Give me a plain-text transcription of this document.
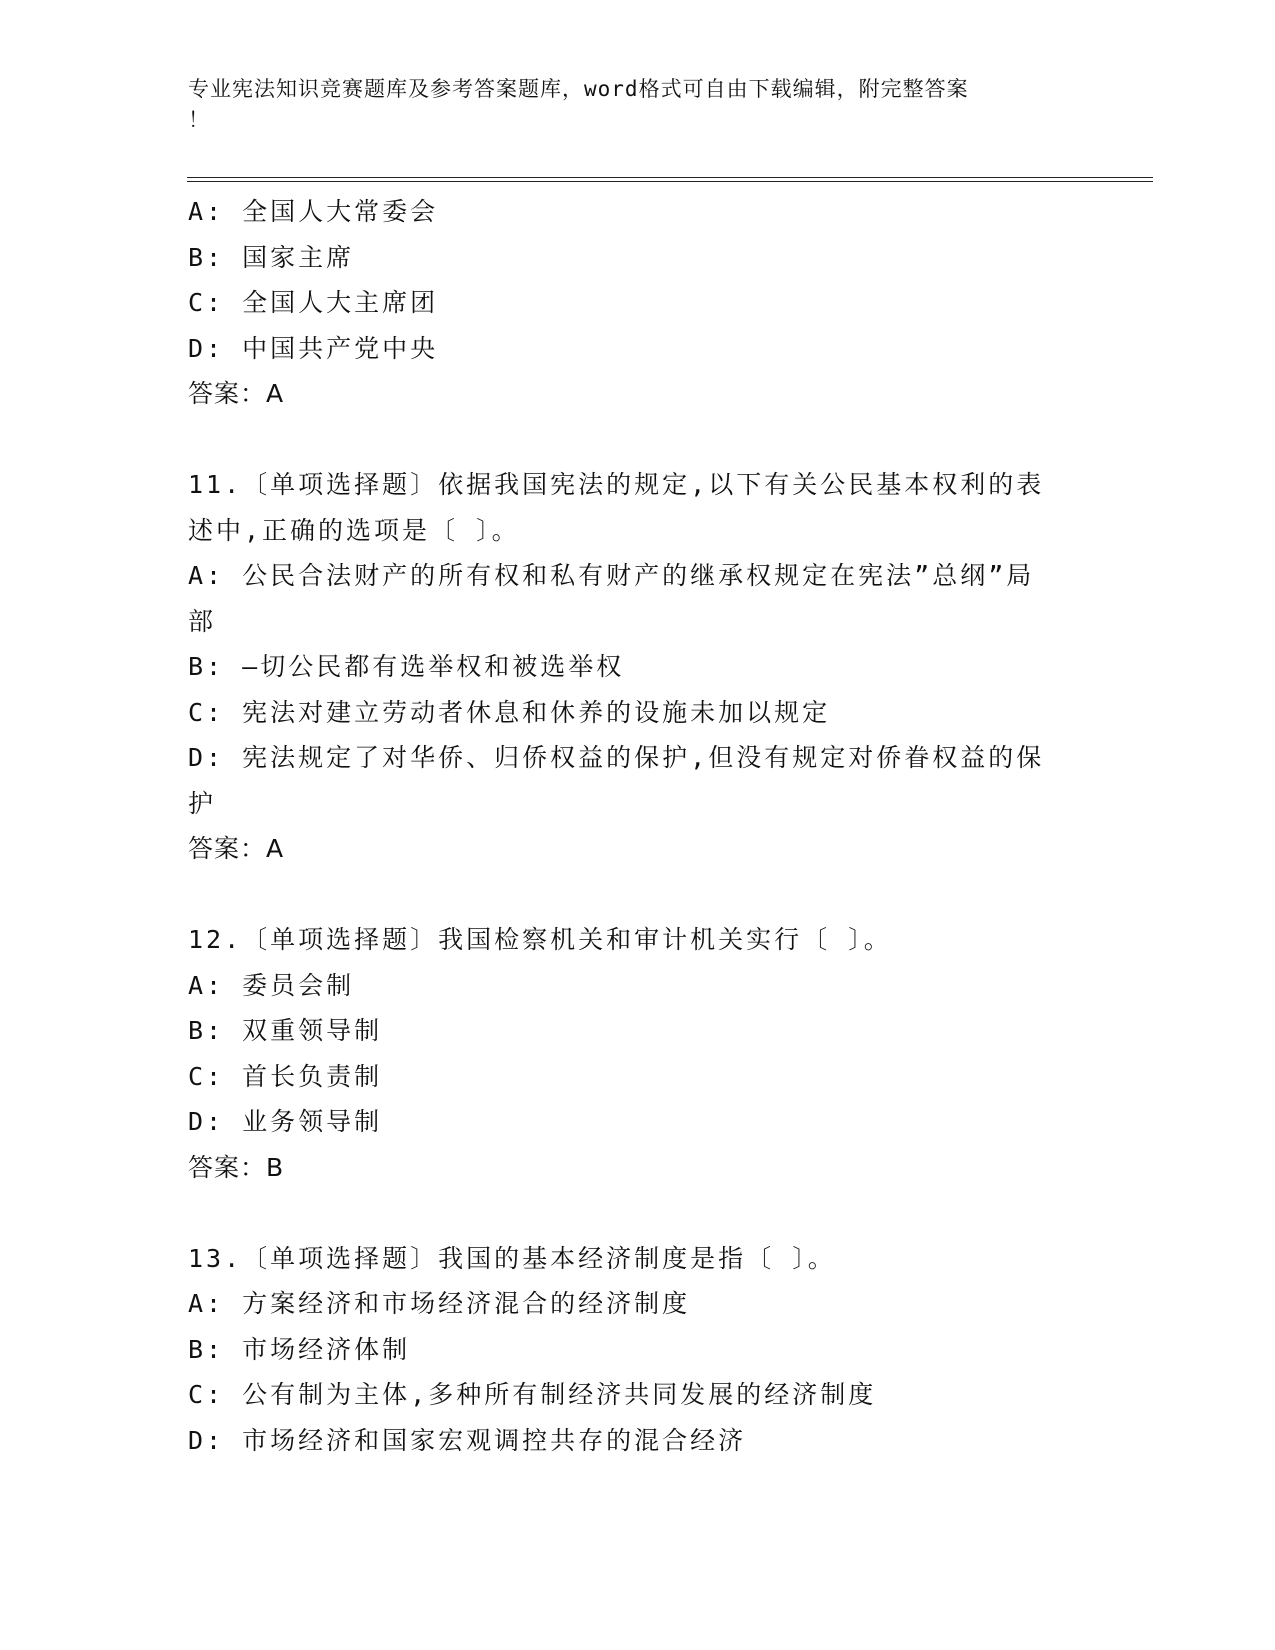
专业宪法知识竞赛题库及参考答案题库，word格式可自由下载编辑，附完整答案
！
A: 全国人大常委会
B: 国家主席
C: 全国人大主席团
D: 中国共产党中央
答案：A
11.〔单项选择题〕依据我国宪法的规定,以下有关公民基本权利的表
述中,正确的选项是〔 〕。
A: 公民合法财产的所有权和私有财产的继承权规定在宪法”总纲”局
部
B: —切公民都有选举权和被选举权
C: 宪法对建立劳动者休息和休养的设施未加以规定
D: 宪法规定了对华侨、归侨权益的保护,但没有规定对侨眷权益的保
护
答案：A
12.〔单项选择题〕我国检察机关和审计机关实行〔 〕。
A: 委员会制
B: 双重领导制
C: 首长负责制
D: 业务领导制
答案：B
13.〔单项选择题〕我国的基本经济制度是指〔 〕。
A: 方案经济和市场经济混合的经济制度
B: 市场经济体制
C: 公有制为主体,多种所有制经济共同发展的经济制度
D: 市场经济和国家宏观调控共存的混合经济
